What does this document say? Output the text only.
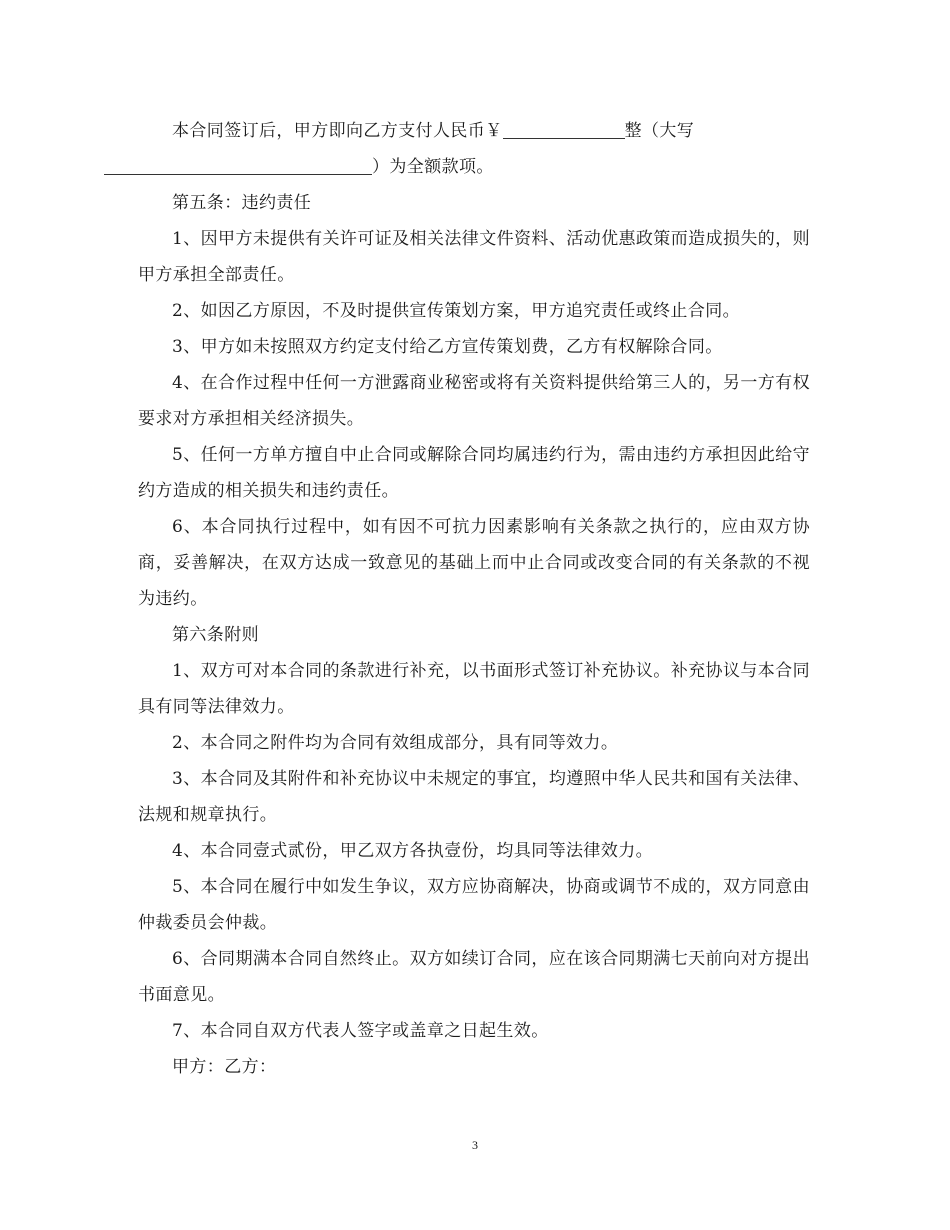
本合同签订后，甲方即向乙方支付人民币￥	整（大写
）为全额款项。

第五条：违约责任

1、因甲方未提供有关许可证及相关法律文件资料、活动优惠政策而造成损失的，则甲方承担全部责任。

2、如因乙方原因，不及时提供宣传策划方案，甲方追究责任或终止合同。

3、甲方如未按照双方约定支付给乙方宣传策划费，乙方有权解除合同。

4、在合作过程中任何一方泄露商业秘密或将有关资料提供给第三人的，另一方有权要求对方承担相关经济损失。

5、任何一方单方擅自中止合同或解除合同均属违约行为，需由违约方承担因此给守约方造成的相关损失和违约责任。

6、本合同执行过程中，如有因不可抗力因素影响有关条款之执行的，应由双方协商，妥善解决，在双方达成一致意见的基础上而中止合同或改变合同的有关条款的不视为违约。

第六条附则

1、双方可对本合同的条款进行补充，以书面形式签订补充协议。补充协议与本合同具有同等法律效力。

2、本合同之附件均为合同有效组成部分，具有同等效力。

3、本合同及其附件和补充协议中未规定的事宜，均遵照中华人民共和国有关法律、法规和规章执行。

4、本合同壹式贰份，甲乙双方各执壹份，均具同等法律效力。

5、本合同在履行中如发生争议，双方应协商解决，协商或调节不成的，双方同意由仲裁委员会仲裁。

6、合同期满本合同自然终止。双方如续订合同，应在该合同期满七天前向对方提出书面意见。

7、本合同自双方代表人签字或盖章之日起生效。

甲方：乙方：

3
